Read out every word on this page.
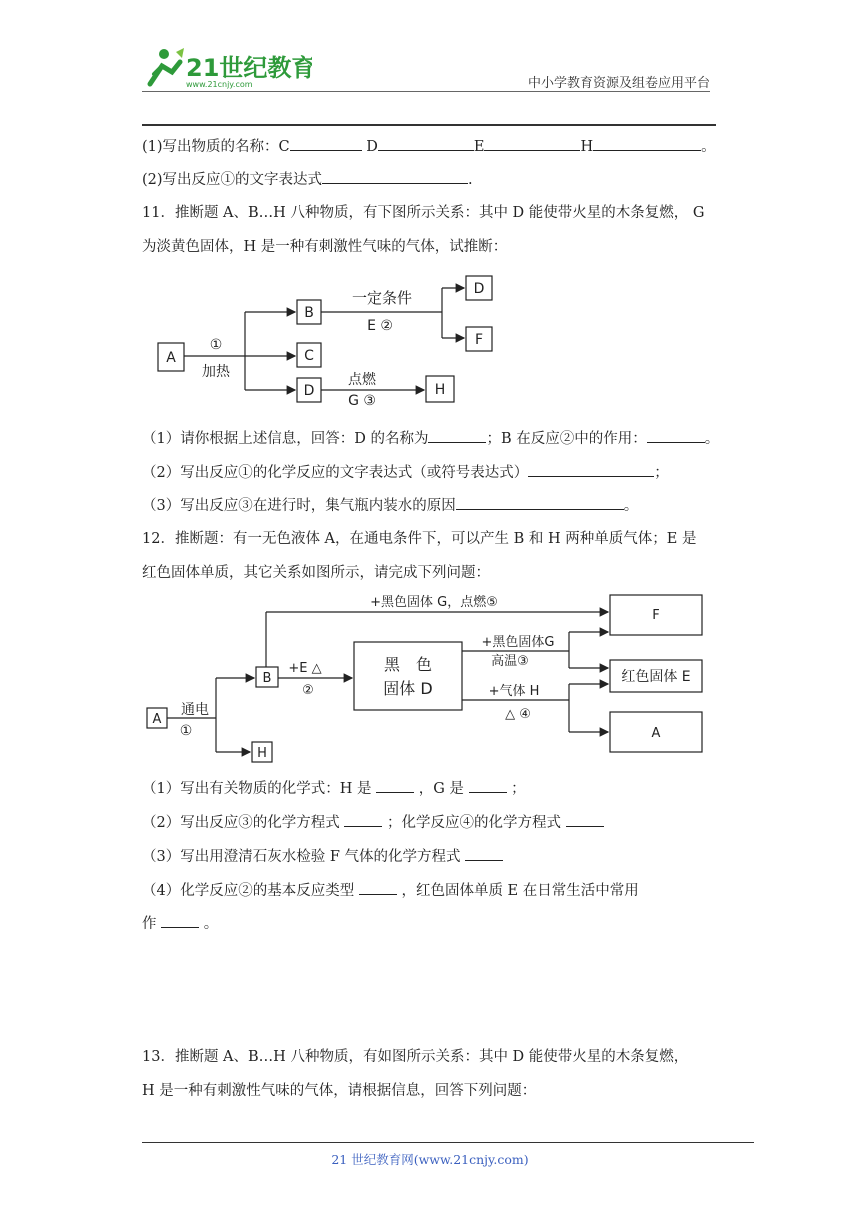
21世纪教育
www.21cnjy.com	中小学教育资源及组卷应用平台
(1)写出物质的名称：C	D	E	H	。
(2)写出反应①的文字表达式	.
11．推断题 A、B…H 八种物质，有下图所示关系：其中 D 能使带火星的木条复燃， G
为淡黄色固体，H 是一种有刺激性气味的气体，试推断：
A
B
C
D	H
D
F
①
加热
一定条件
E ②
点燃
G ③
（1）请你根据上述信息，回答：D 的名称为	；B 在反应②中的作用：	。
（2）写出反应①的化学反应的文字表达式（或符号表达式）	；
（3）写出反应③在进行时，集气瓶内装水的原因	。
12．推断题：有一无色液体 A，在通电条件下，可以产生 B 和 H 两种单质气体；E 是
红色固体单质，其它关系如图所示，请完成下列问题：
A
B
H
黑　色
固体 D
F
红色固体 E
A
通电
①
+E △
②
+黑色固体 G，点燃⑤
+黑色固体G
高温③
+气体 H
△ ④
（1）写出有关物质的化学式：H 是	，G 是	；
（2）写出反应③的化学方程式	；化学反应④的化学方程式
（3）写出用澄清石灰水检验 F 气体的化学方程式
（4）化学反应②的基本反应类型	，红色固体单质 E 在日常生活中常用
作	。
13．推断题 A、B…H 八种物质，有如图所示关系：其中 D 能使带火星的木条复燃，
H 是一种有刺激性气味的气体，请根据信息，回答下列问题：
21 世纪教育网(www.21cnjy.com)
